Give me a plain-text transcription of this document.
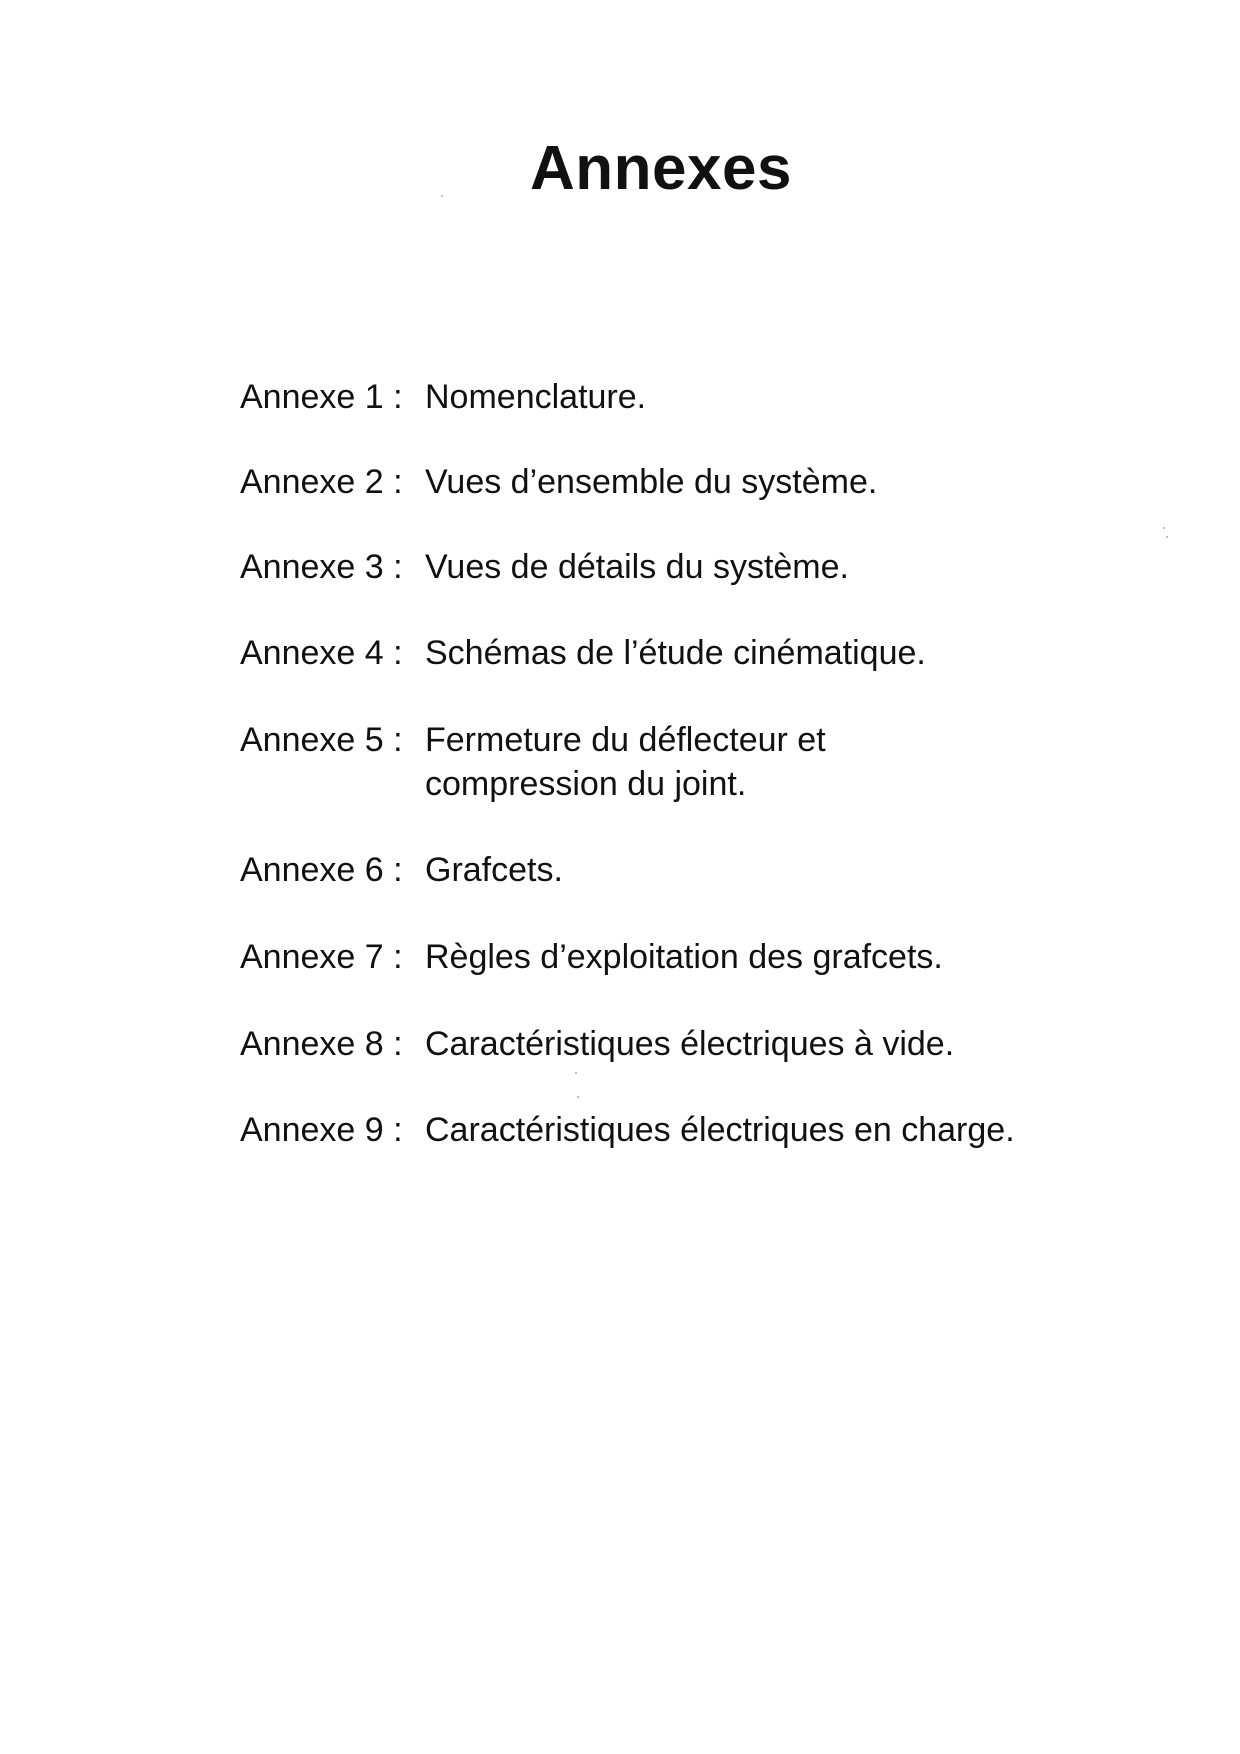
Annexes
Annexe 1 : Nomenclature.
Annexe 2 : Vues d’ensemble du système.
Annexe 3 : Vues de détails du système.
Annexe 4 : Schémas de l’étude cinématique.
Annexe 5 : Fermeture du déflecteur et
compression du joint.
Annexe 6 : Grafcets.
Annexe 7 : Règles d’exploitation des grafcets.
Annexe 8 : Caractéristiques électriques à vide.
Annexe 9 : Caractéristiques électriques en charge.
